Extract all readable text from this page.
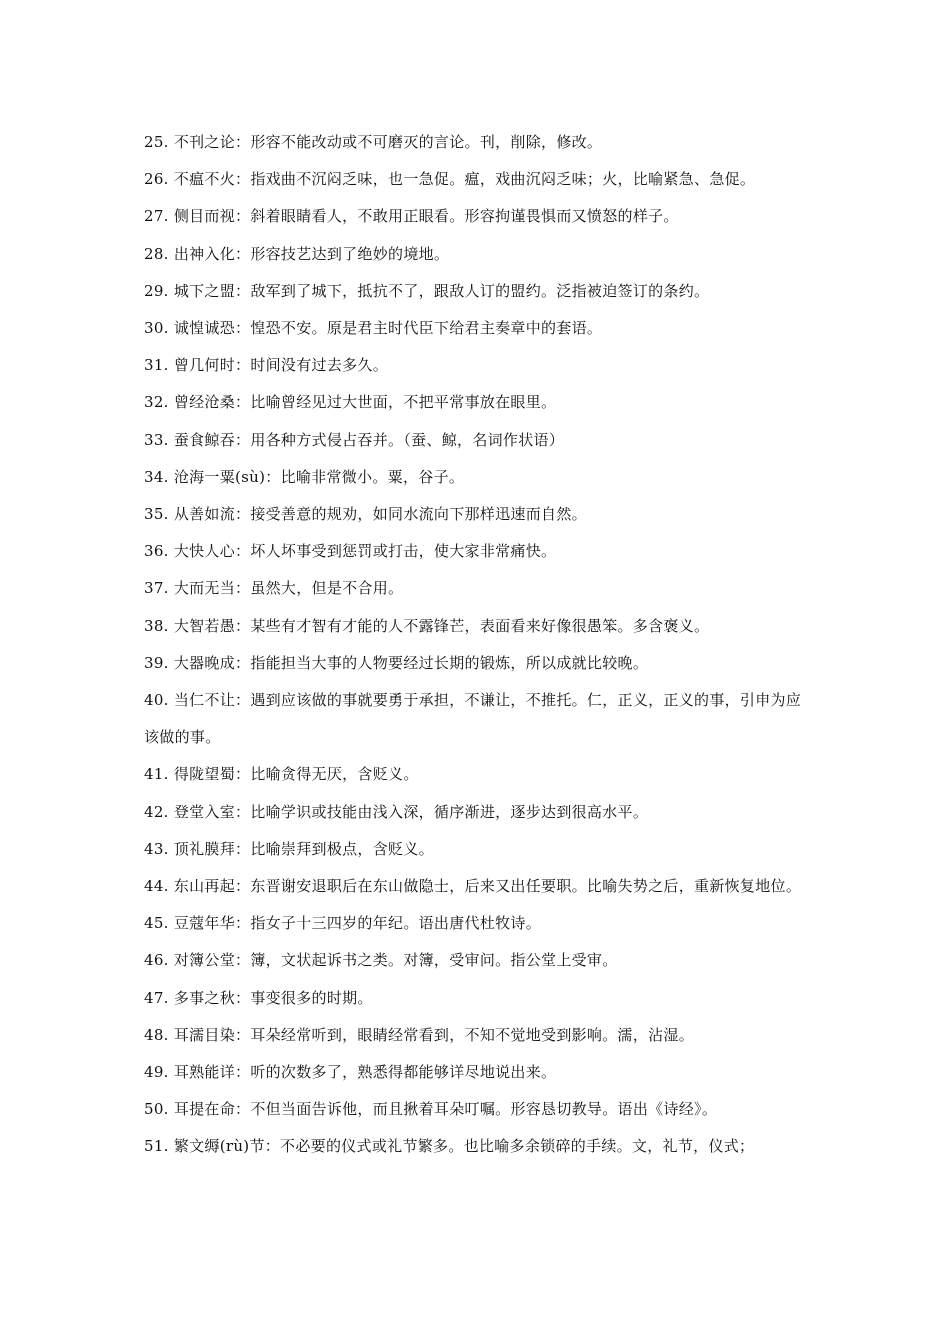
25. 不刊之论：形容不能改动或不可磨灭的言论。刊，削除，修改。
26. 不瘟不火：指戏曲不沉闷乏味，也一急促。瘟，戏曲沉闷乏味；火，比喻紧急、急促。
27. 侧目而视：斜着眼睛看人，不敢用正眼看。形容拘谨畏惧而又愤怒的样子。
28. 出神入化：形容技艺达到了绝妙的境地。
29. 城下之盟：敌军到了城下，抵抗不了，跟敌人订的盟约。泛指被迫签订的条约。
30. 诚惶诚恐：惶恐不安。原是君主时代臣下给君主奏章中的套语。
31. 曾几何时：时间没有过去多久。
32. 曾经沧桑：比喻曾经见过大世面，不把平常事放在眼里。
33. 蚕食鲸吞：用各种方式侵占吞并。（蚕、鲸，名词作状语）
34. 沧海一粟(sù)：比喻非常微小。粟，谷子。
35. 从善如流：接受善意的规劝，如同水流向下那样迅速而自然。
36. 大快人心：坏人坏事受到惩罚或打击，使大家非常痛快。
37. 大而无当：虽然大，但是不合用。
38. 大智若愚：某些有才智有才能的人不露锋芒，表面看来好像很愚笨。多含褒义。
39. 大器晚成：指能担当大事的人物要经过长期的锻炼，所以成就比较晚。
40. 当仁不让：遇到应该做的事就要勇于承担，不谦让，不推托。仁，正义，正义的事，引申为应该做的事。
41. 得陇望蜀：比喻贪得无厌，含贬义。
42. 登堂入室：比喻学识或技能由浅入深，循序渐进，逐步达到很高水平。
43. 顶礼膜拜：比喻崇拜到极点，含贬义。
44. 东山再起：东晋谢安退职后在东山做隐士，后来又出任要职。比喻失势之后，重新恢复地位。
45. 豆蔻年华：指女子十三四岁的年纪。语出唐代杜牧诗。
46. 对簿公堂：簿，文状起诉书之类。对簿，受审问。指公堂上受审。
47. 多事之秋：事变很多的时期。
48. 耳濡目染：耳朵经常听到，眼睛经常看到，不知不觉地受到影响。濡，沾湿。
49. 耳熟能详：听的次数多了，熟悉得都能够详尽地说出来。
50. 耳提在命：不但当面告诉他，而且揪着耳朵叮嘱。形容恳切教导。语出《诗经》。
51. 繁文缛(rù)节：不必要的仪式或礼节繁多。也比喻多余锁碎的手续。文，礼节，仪式；
